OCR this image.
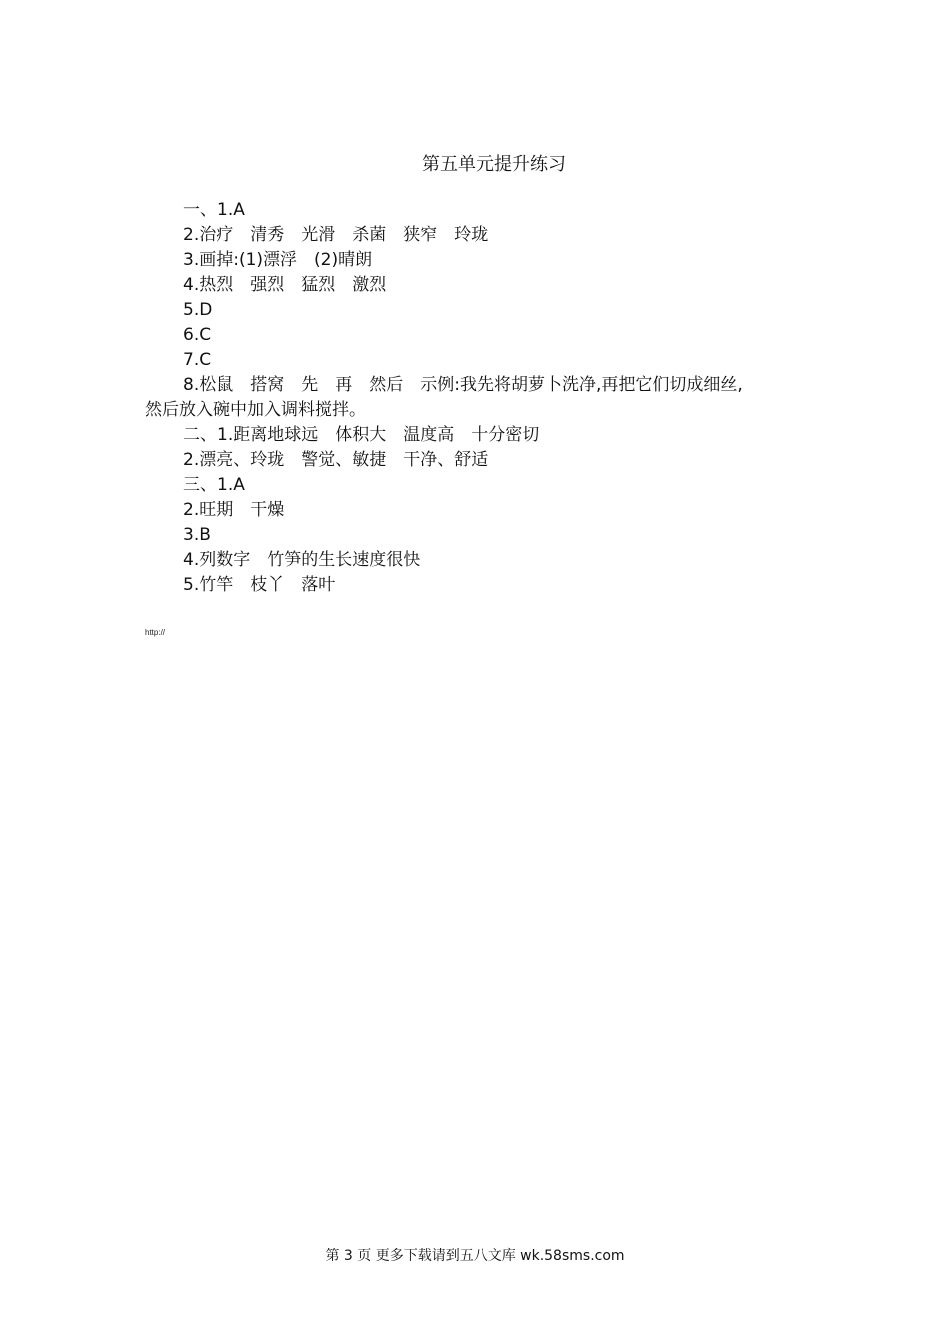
第五单元提升练习
一、1.A
2.治疗　清秀　光滑　杀菌　狭窄　玲珑
3.画掉:(1)漂浮　(2)晴朗
4.热烈　强烈　猛烈　激烈
5.D
6.C
7.C
8.松鼠　搭窝　先　再　然后　示例:我先将胡萝卜洗净,再把它们切成细丝,
然后放入碗中加入调料搅拌。
二、1.距离地球远　体积大　温度高　十分密切
2.漂亮、玲珑　警觉、敏捷　干净、舒适
三、1.A
2.旺期　干燥
3.B
4.列数字　竹笋的生长速度很快
5.竹竿　枝丫　落叶
http://
第 3 页 更多下载请到五八文库 wk.58sms.com
